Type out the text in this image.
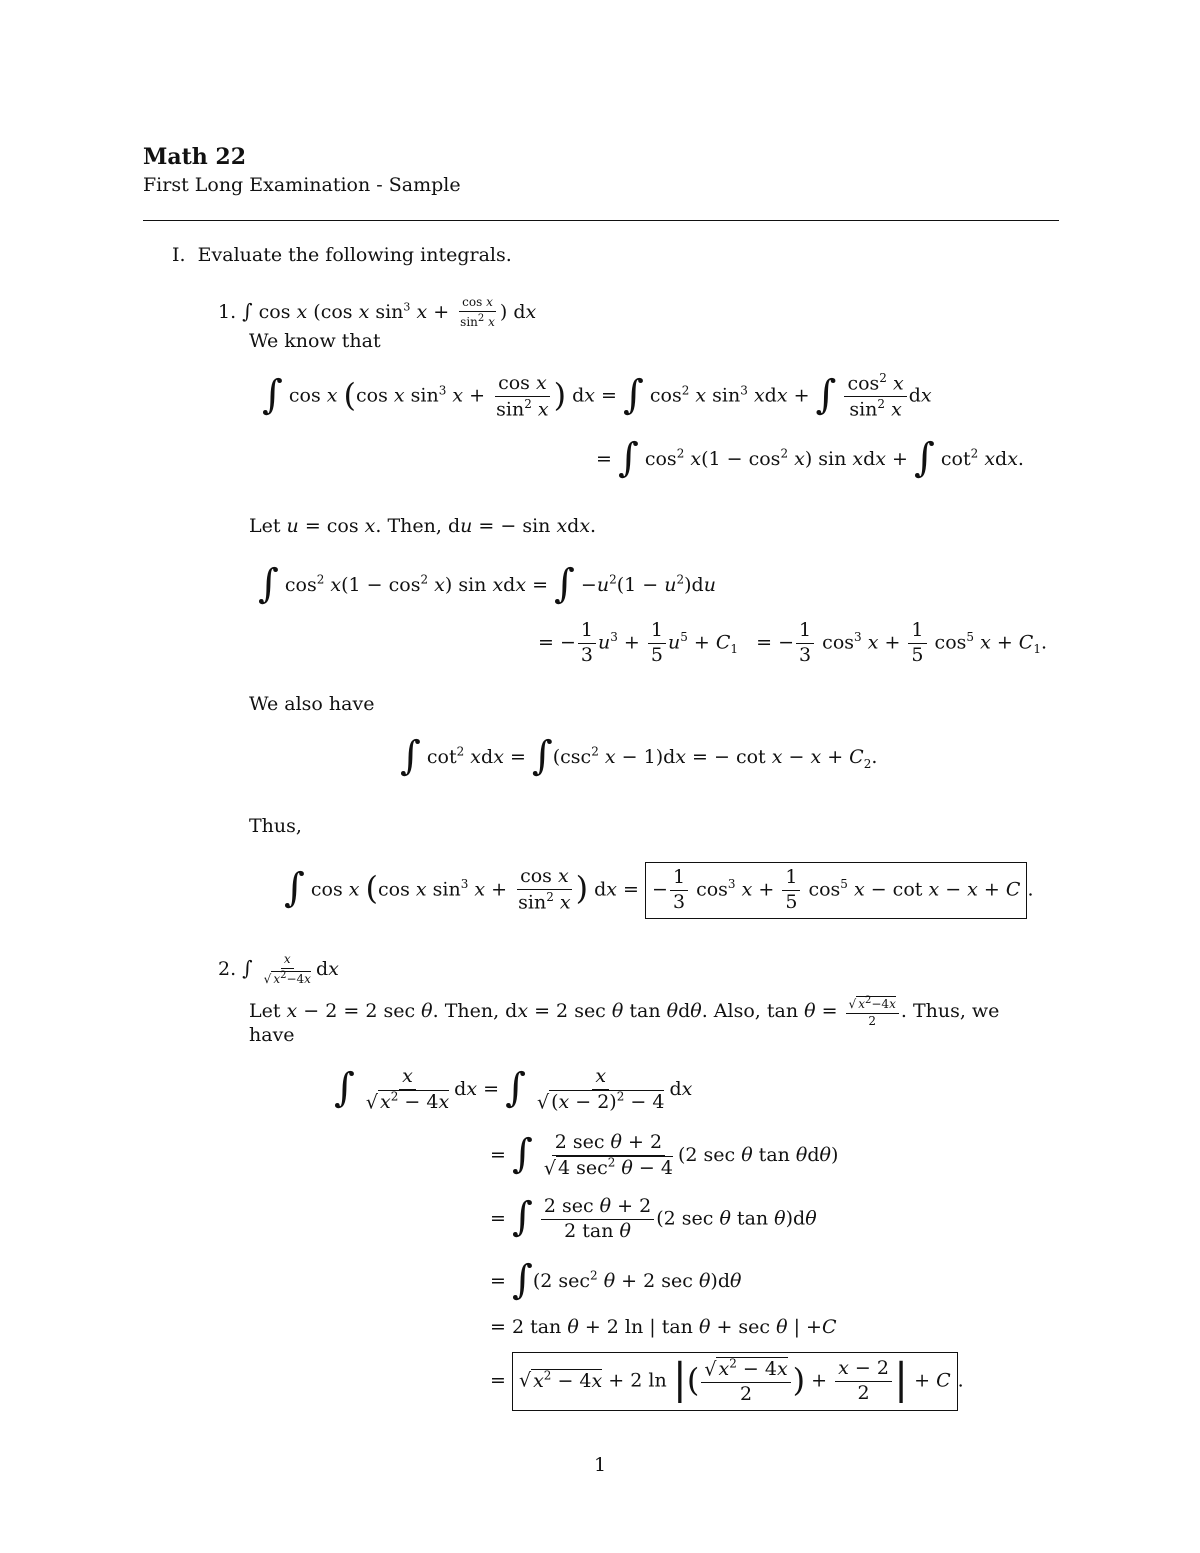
Math 22
First Long Examination - Sample
I. Evaluate the following integrals.
1. ∫ cos x (cos x $\sin^3 x + \frac{\text{cos x}}{\sin^2 x}$ ) dx
We know that
∫ cos x (cos x $\sin^3 x + \frac{\text{cos x}}{\sin^2 x}$ ) dx = ∫ $\cos^2 x$ $\sin^3$ xdx + ∫ $\frac{\cos^2 x}{\sin^2 x}$ dx
= ∫ $\cos^2 x(1 - \cos^2 x)$ sin xdx + ∫ $\cot^2$ xdx.
Let u = cos x. Then, du = − sin xdx.
∫ $\cos^2 x(1 - \cos^2 x)$ sin xdx = ∫ $-u^2(1 - u^2)du$
= − $\frac{1}{3} u^3 + \frac{1}{5} u^5 + C_1$   = − $\frac{1}{3} \cos^3 x + \frac{1}{5} \cos^5 x + C_1$.
We also have
∫ $\cot^2$ xdx = $\int(\csc^2$ x − 1)dx = − $\cot x - x + C_2$.
Thus,
∫ cos x (cos x $\sin^3 x + \frac{\text{cos x}}{\sin^2 x}$ ) dx = − $\frac{1}{3} \cos^3 x + \frac{1}{5} \cos^5 x - \cot x - x + C$ .
2. ∫ $\frac{x}{√ x^2-4x}$ dx
Let x − 2 = 2 sec θ. Then, dx = 2 sec θ tan θdθ. Also, $\tan \theta = \frac{√ x^2-4x}{2}$ . Thus, we
have
∫ $\frac{x}{√ x^2 - 4x}$ dx = ∫ $\frac{x}{√ (x - 2)^2 - 4}$ dx
= ∫ $\frac{\text{2 sec θ + 2}}{√ 4 \sec^2 \theta - 4} (2$ sec θ tan θdθ)
= ∫ $\frac{\text{2 sec θ + 2}}{\text{2 tan θ}} (2$ sec θ tan θ)dθ
= ∫(2 $\sec^2 \theta + 2$ sec θ)dθ
= 2 tan θ + 2 ln | tan θ + sec θ | +C
= √ $x^2 - 4x + 2$ ln |( $\frac{√ x^2 - 4x}{2}$ ) + $\frac{x - 2}{2}$ | + C .
1
